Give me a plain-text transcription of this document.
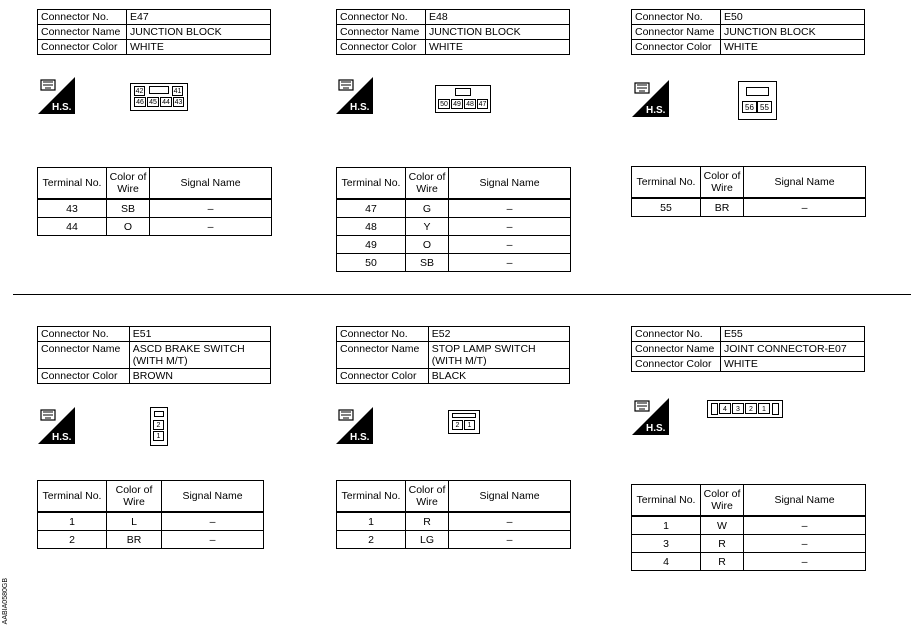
Connector No.	E47
Connector Name	JUNCTION BLOCK
Connector Color	WHITE
H.S.
42	41
46 45 44 43
Terminal No.	Color of Wire	Signal Name
43	SB	–
44	O	–
Connector No.	E48
Connector Name	JUNCTION BLOCK
Connector Color	WHITE
H.S.	50 49 48 47
Terminal No.	Color of Wire	Signal Name
47	G	–
48	Y	–
49	O	–
50	SB	–
Connector No.	E50
Connector Name	JUNCTION BLOCK
Connector Color	WHITE
H.S.	56 55
Terminal No.	Color of Wire	Signal Name
55	BR	–
Connector No.	E51
Connector Name	ASCD BRAKE SWITCH (WITH M/T)
Connector Color	BROWN
H.S.
2
1
Terminal No.	Color of Wire	Signal Name
1	L	–
2	BR	–
Connector No.	E52
Connector Name	STOP LAMP SWITCH (WITH M/T)
Connector Color	BLACK
H.S.
2	1
Terminal No.	Color of Wire	Signal Name
1	R	–
2	LG	–
Connector No.	E55
Connector Name	JOINT CONNECTOR-E07
Connector Color	WHITE
H.S.
4	3	2	1
Terminal No.	Color of Wire	Signal Name
1	W	–
3	R	–
4	R	–
AABIA0580GB
